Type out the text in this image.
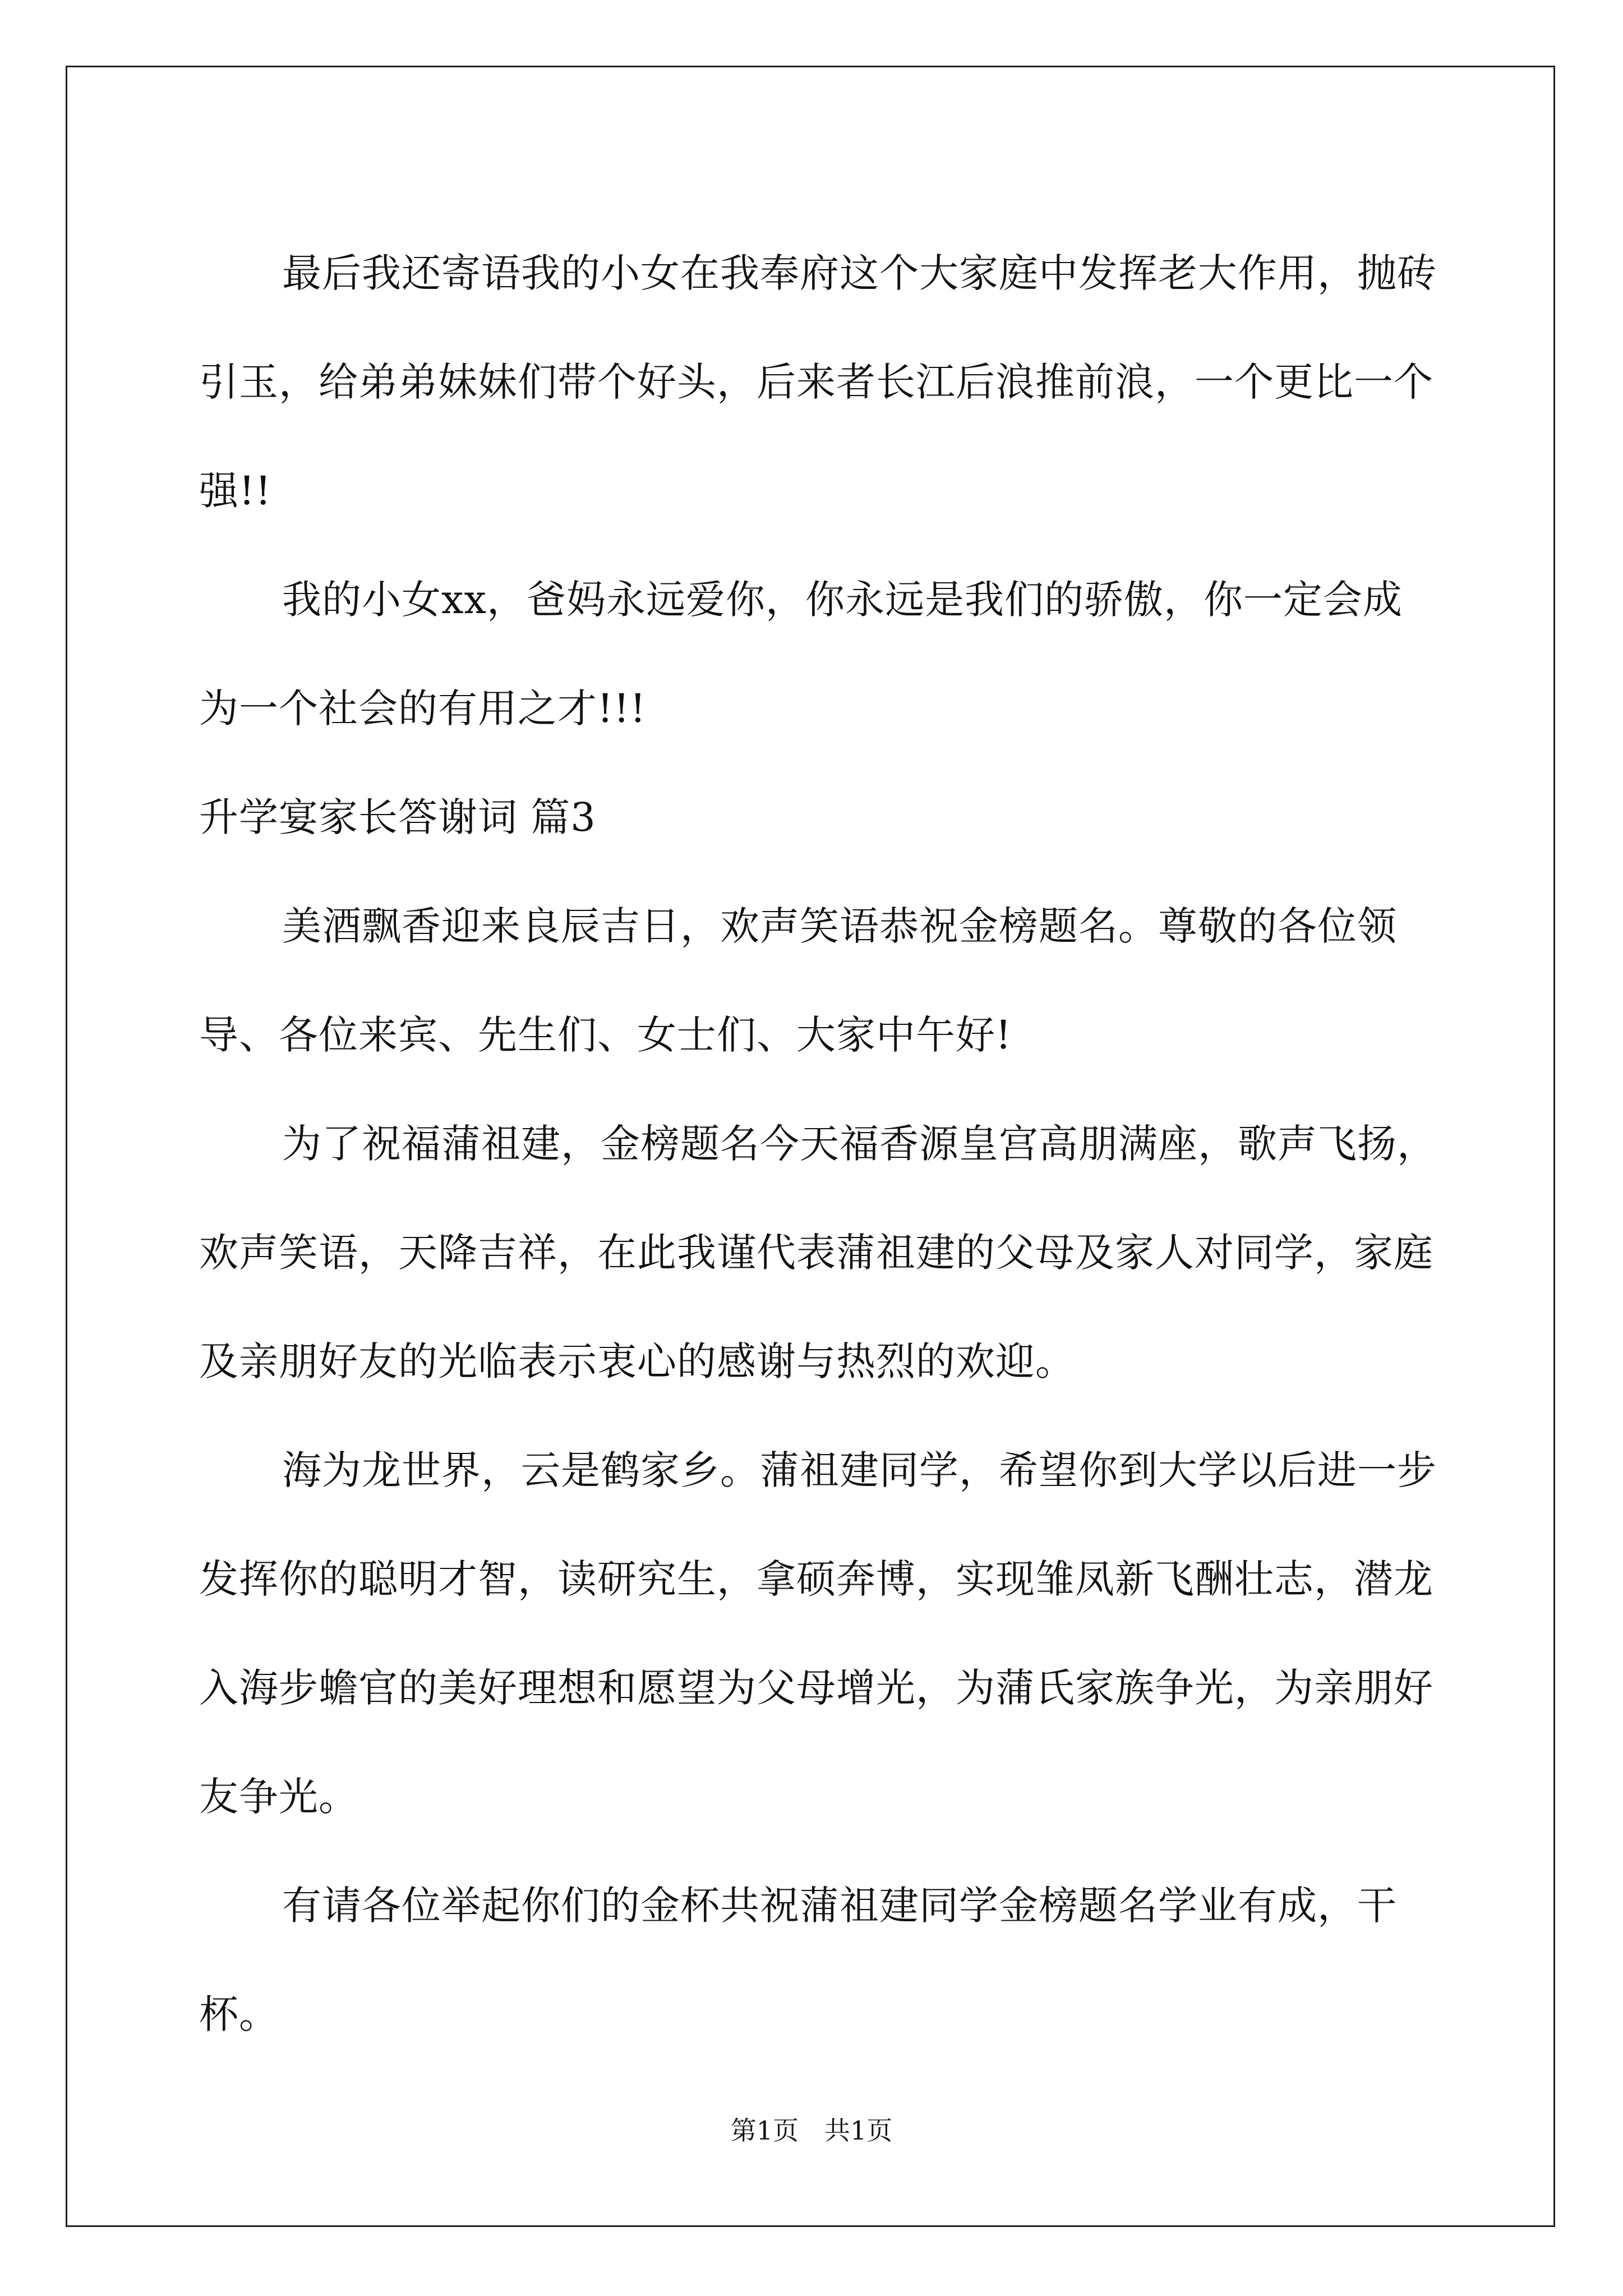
最后我还寄语我的小女在我奉府这个大家庭中发挥老大作用，抛砖引玉，给弟弟妹妹们带个好头，后来者长江后浪推前浪，一个更比一个强!!

我的小女xx，爸妈永远爱你，你永远是我们的骄傲，你一定会成为一个社会的有用之才!!!

升学宴家长答谢词 篇3

美酒飘香迎来良辰吉日，欢声笑语恭祝金榜题名。尊敬的各位领导、各位来宾、先生们、女士们、大家中午好!

为了祝福蒲祖建，金榜题名今天福香源皇宫高朋满座，歌声飞扬，欢声笑语，天降吉祥，在此我谨代表蒲祖建的父母及家人对同学，家庭及亲朋好友的光临表示衷心的感谢与热烈的欢迎。

海为龙世界，云是鹤家乡。蒲祖建同学，希望你到大学以后进一步发挥你的聪明才智，读研究生，拿硕奔博，实现雏凤新飞酬壮志，潜龙入海步蟾官的美好理想和愿望为父母增光，为蒲氏家族争光，为亲朋好友争光。

有请各位举起你们的金杯共祝蒲祖建同学金榜题名学业有成，干杯。

第1页　共1页
